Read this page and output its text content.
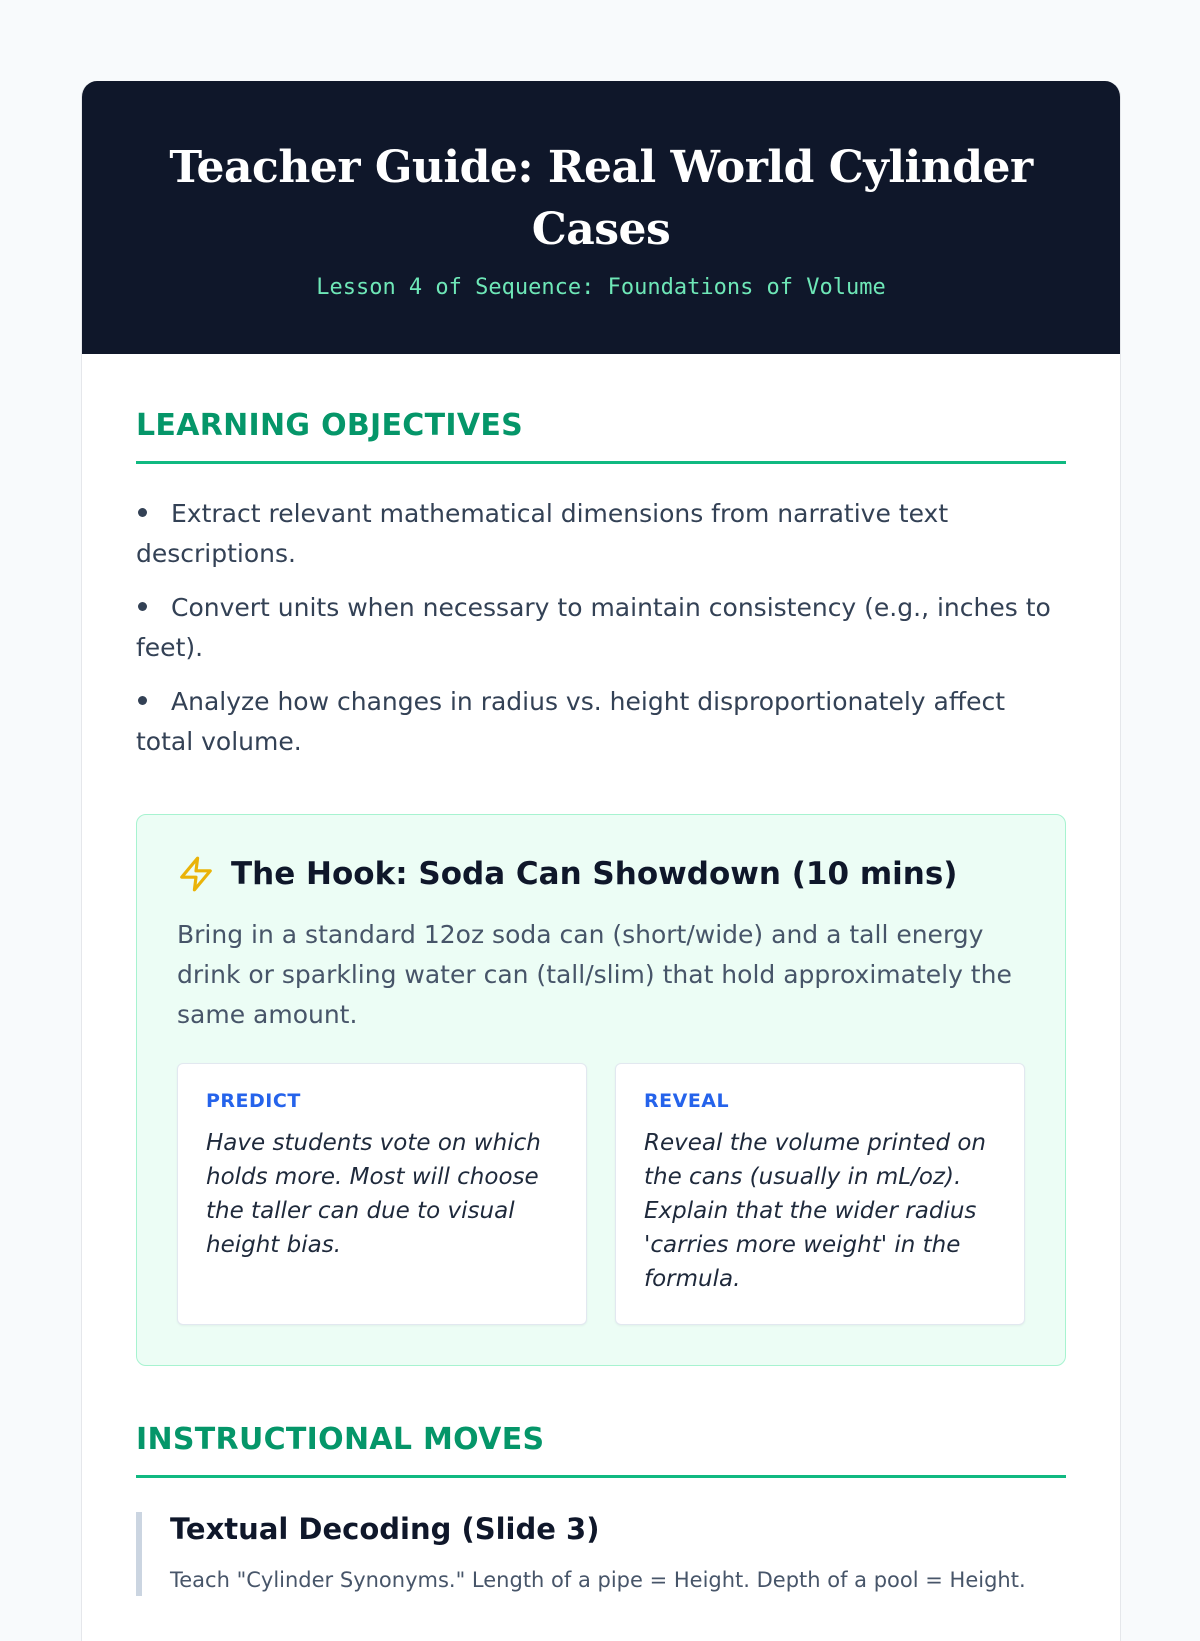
Teacher Guide: Real World Cylinder Cases
Lesson 4 of Sequence: Foundations of Volume
LEARNING OBJECTIVES
Extract relevant mathematical dimensions from narrative text descriptions.
Convert units when necessary to maintain consistency (e.g., inches to feet).
Analyze how changes in radius vs. height disproportionately affect total volume.
The Hook: Soda Can Showdown (10 mins)

Bring in a standard 12oz soda can (short/wide) and a tall energy drink or sparkling water can (tall/slim) that hold approximately the same amount.

PREDICT
Have students vote on which holds more. Most will choose the taller can due to visual height bias.
REVEAL
Reveal the volume printed on the cans (usually in mL/oz). Explain that the wider radius 'carries more weight' in the formula.
INSTRUCTIONAL MOVES
Textual Decoding (Slide 3)
Teach "Cylinder Synonyms." Length of a pipe = Height. Depth of a pool = Height.
